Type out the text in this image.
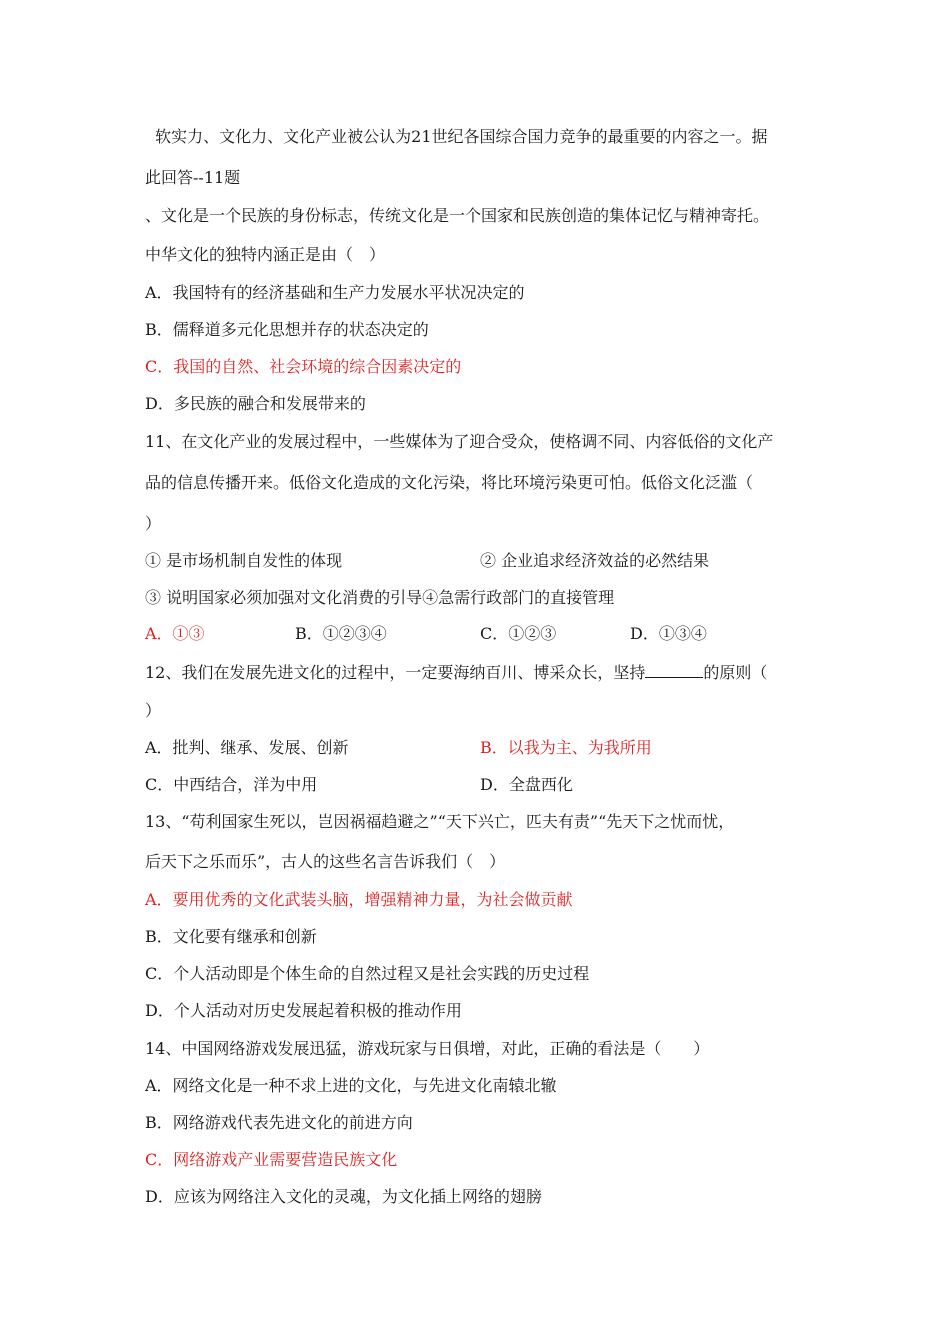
软实力、文化力、文化产业被公认为21世纪各国综合国力竞争的最重要的内容之一。据
此回答--11题
、文化是一个民族的身份标志，传统文化是一个国家和民族创造的集体记忆与精神寄托。
中华文化的独特内涵正是由（　）
A．我国特有的经济基础和生产力发展水平状况决定的
B．儒释道多元化思想并存的状态决定的
C．我国的自然、社会环境的综合因素决定的
D．多民族的融合和发展带来的
11、在文化产业的发展过程中，一些媒体为了迎合受众，使格调不同、内容低俗的文化产
品的信息传播开来。低俗文化造成的文化污染，将比环境污染更可怕。低俗文化泛滥（
）
① 是市场机制自发性的体现	② 企业追求经济效益的必然结果
③ 说明国家必须加强对文化消费的引导④急需行政部门的直接管理
A．①③	B．①②③④	C．①②③	D．①③④
12、我们在发展先进文化的过程中，一定要海纳百川、博采众长，坚持	的原则（
）
A．批判、继承、发展、创新	B．以我为主、为我所用
C．中西结合，洋为中用	D．全盘西化
13、“苟利国家生死以，岂因祸福趋避之”“天下兴亡，匹夫有责”“先天下之忧而忧，
后天下之乐而乐”，古人的这些名言告诉我们（　）
A．要用优秀的文化武装头脑，增强精神力量，为社会做贡献
B．文化要有继承和创新
C．个人活动即是个体生命的自然过程又是社会实践的历史过程
D．个人活动对历史发展起着积极的推动作用
14、中国网络游戏发展迅猛，游戏玩家与日俱增，对此，正确的看法是（　　）
A．网络文化是一种不求上进的文化，与先进文化南辕北辙
B．网络游戏代表先进文化的前进方向
C．网络游戏产业需要营造民族文化
D．应该为网络注入文化的灵魂，为文化插上网络的翅膀
